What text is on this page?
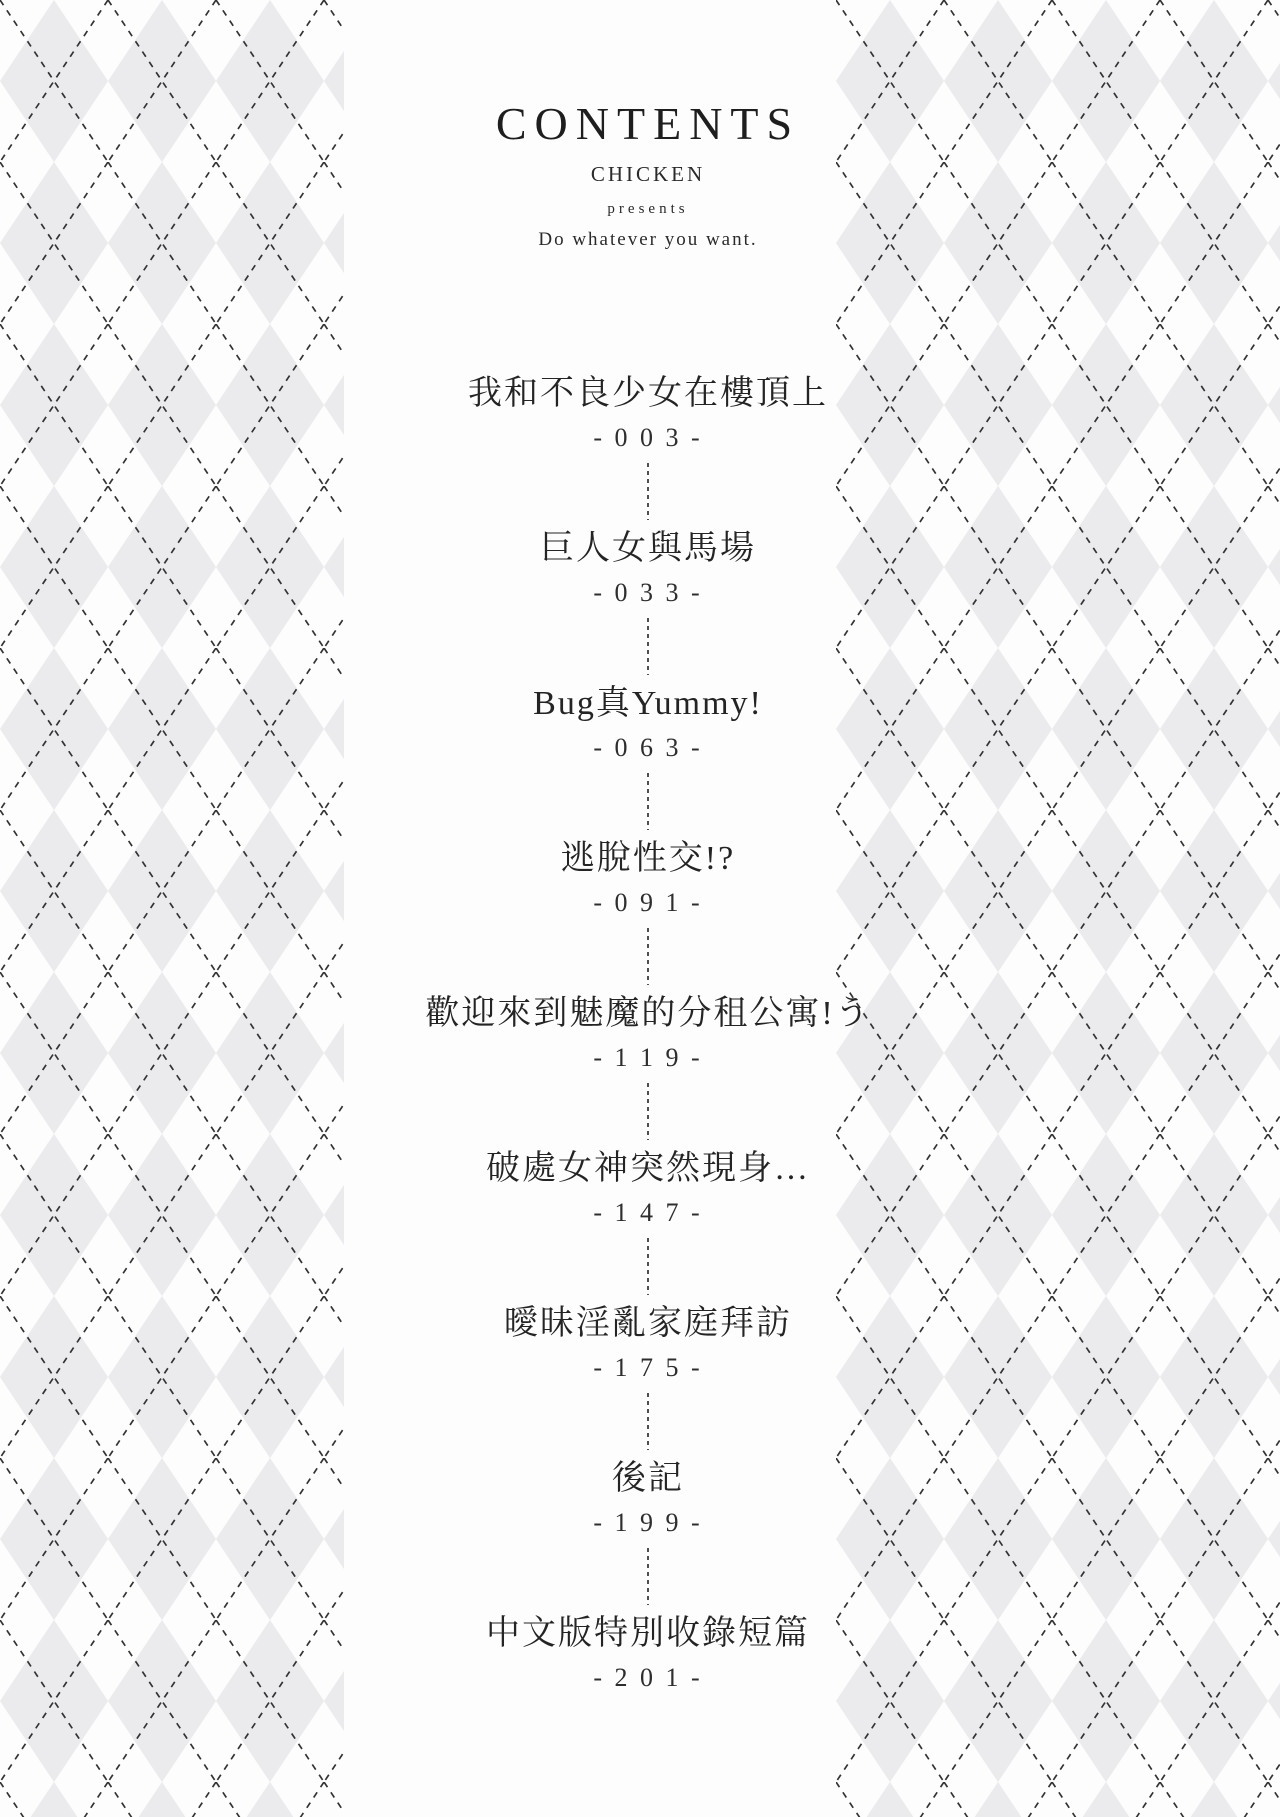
CONTENTS
CHICKEN
presents
Do whatever you want.
我和不良少女在樓頂上
- 0 0 3 -
巨人女與馬場
- 0 3 3 -
Bug真Yummy!
- 0 6 3 -
逃脫性交!?
- 0 9 1 -
歡迎來到魅魔的分租公寓!う
- 1 1 9 -
破處女神突然現身…
- 1 4 7 -
曖昧淫亂家庭拜訪
- 1 7 5 -
後記
- 1 9 9 -
中文版特別收錄短篇
- 2 0 1 -
